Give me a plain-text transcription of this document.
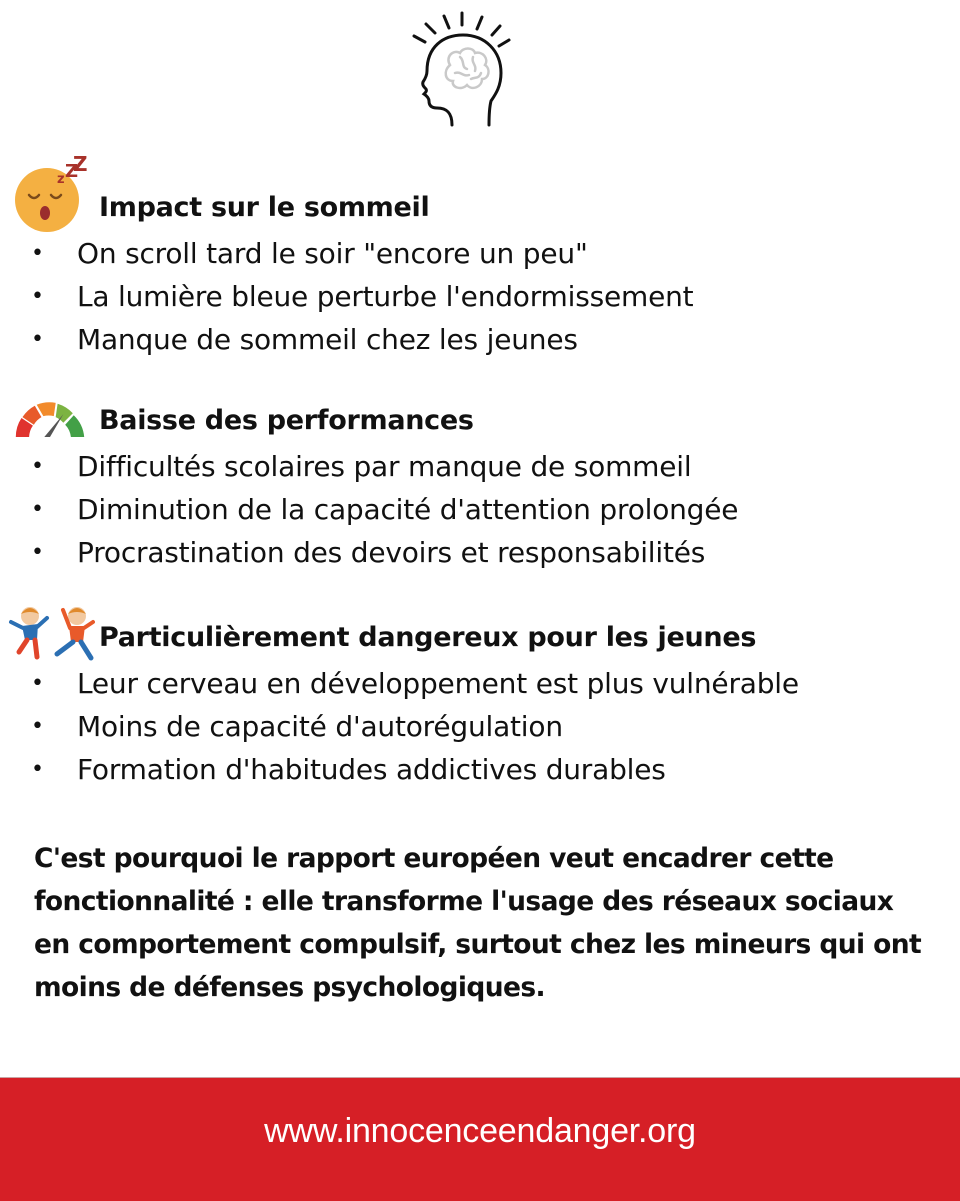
z Z
Z
Impact sur le sommeil
• On scroll tard le soir "encore un peu"
• La lumière bleue perturbe l'endormissement
• Manque de sommeil chez les jeunes
Baisse des performances
• Difficultés scolaires par manque de sommeil
• Diminution de la capacité d'attention prolongée
• Procrastination des devoirs et responsabilités
Particulièrement dangereux pour les jeunes
• Leur cerveau en développement est plus vulnérable
• Moins de capacité d'autorégulation
• Formation d'habitudes addictives durables
C'est pourquoi le rapport européen veut encadrer cette fonctionnalité : elle transforme l'usage des réseaux sociaux en comportement compulsif, surtout chez les mineurs qui ont moins de défenses psychologiques.
www.innocenceendanger.org
